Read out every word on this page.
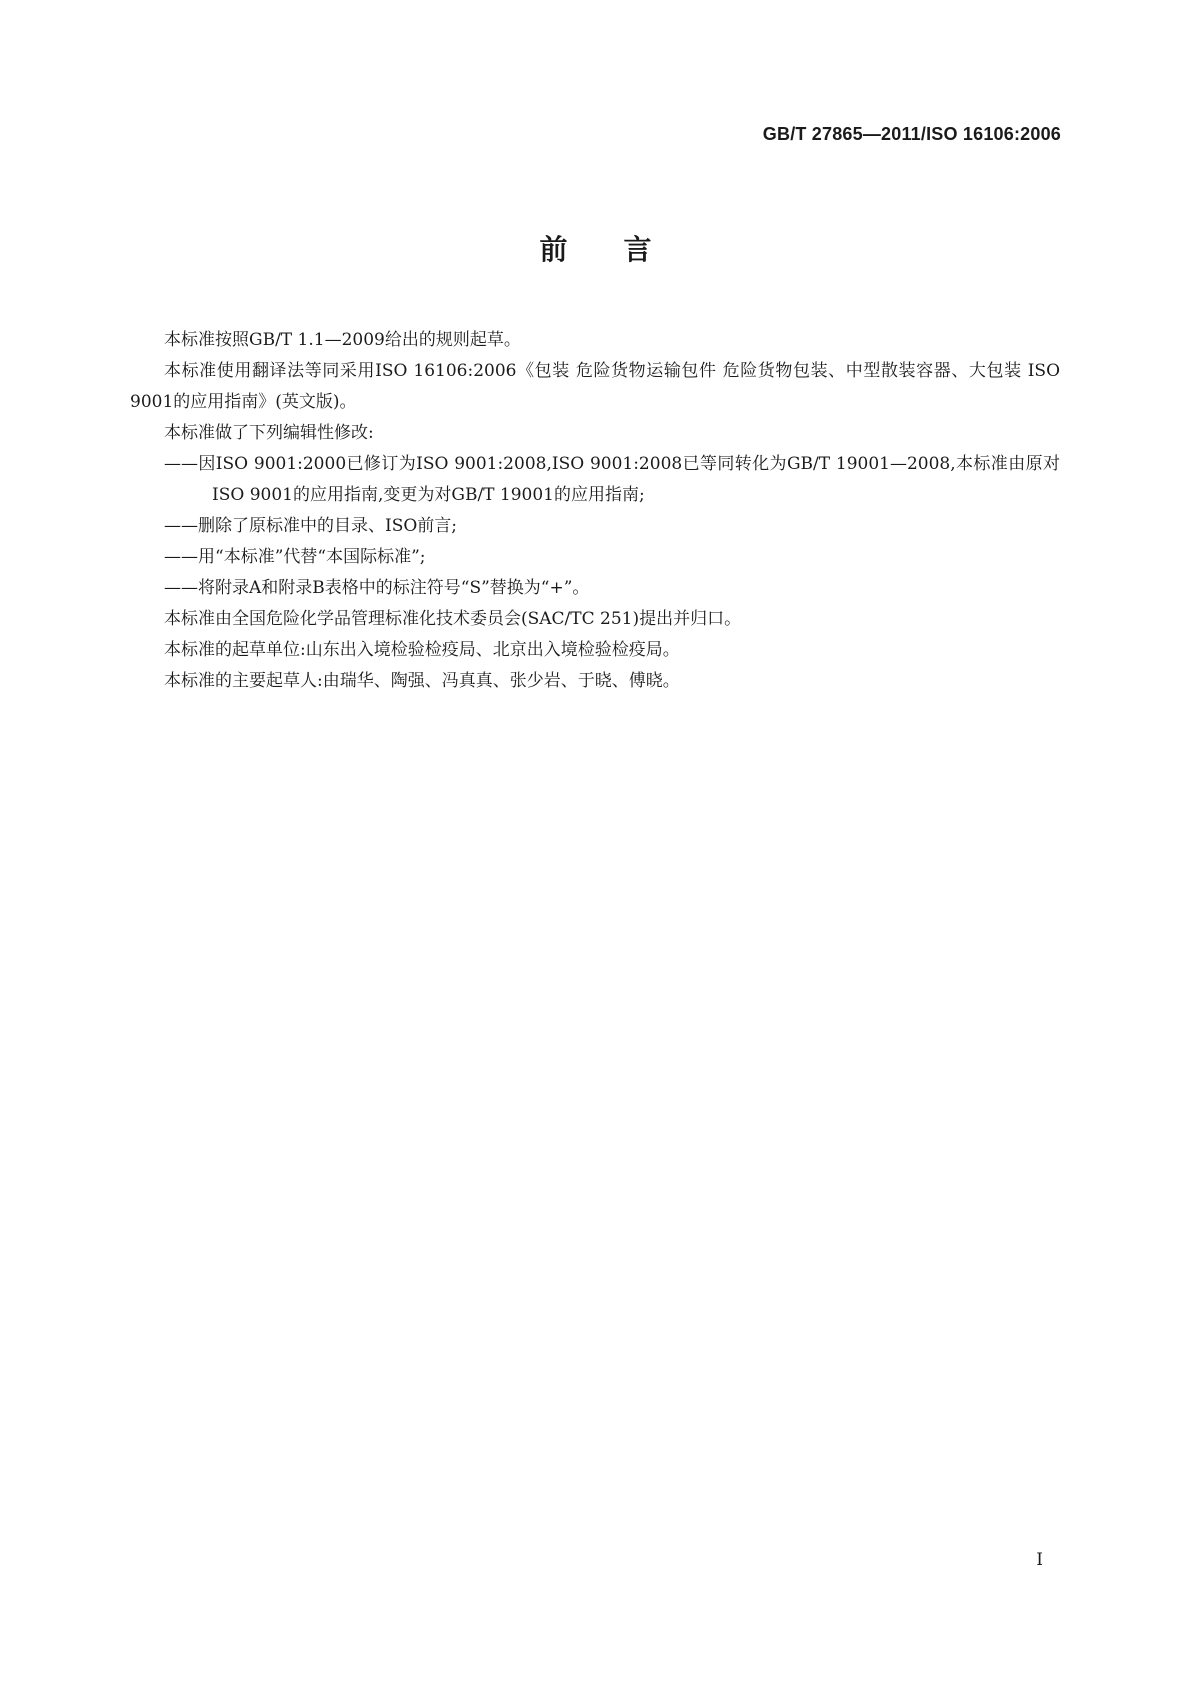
GB/T 27865—2011/ISO 16106:2006
前言

本标准按照GB/T 1.1—2009给出的规则起草。

本标准使用翻译法等同采用ISO 16106:2006《包装 危险货物运输包件 危险货物包装、中型散装容器、大包装 ISO 9001的应用指南》(英文版)。

本标准做了下列编辑性修改:

——因ISO 9001:2000已修订为ISO 9001:2008,ISO 9001:2008已等同转化为GB/T 19001—2008,本标准由原对ISO 9001的应用指南,变更为对GB/T 19001的应用指南;

——删除了原标准中的目录、ISO前言;

——用“本标准”代替“本国际标准”;

——将附录A和附录B表格中的标注符号“S”替换为“+”。

本标准由全国危险化学品管理标准化技术委员会(SAC/TC 251)提出并归口。

本标准的起草单位:山东出入境检验检疫局、北京出入境检验检疫局。

本标准的主要起草人:由瑞华、陶强、冯真真、张少岩、于晓、傅晓。

I
